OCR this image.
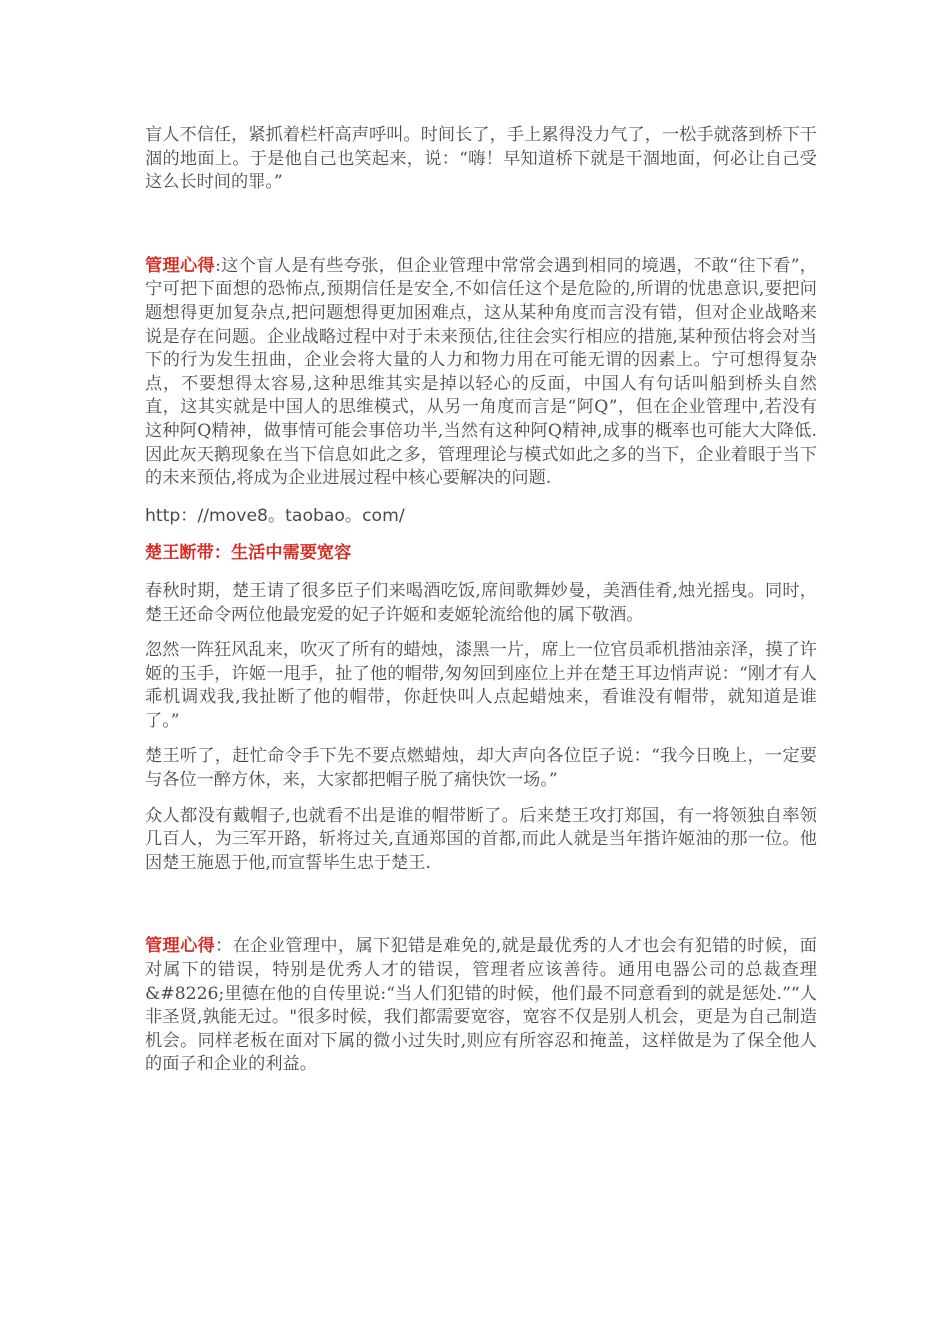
盲人不信任，紧抓着栏杆高声呼叫。时间长了，手上累得没力气了，一松手就落到桥下干涸的地面上。于是他自己也笑起来，说：“嗨！早知道桥下就是干涸地面，何必让自己受这么长时间的罪。”

管理心得:这个盲人是有些夸张，但企业管理中常常会遇到相同的境遇，不敢“往下看”， 宁可把下面想的恐怖点,预期信任是安全,不如信任这个是危险的,所谓的忧患意识,要把问题想得更加复杂点,把问题想得更加困难点，这从某种角度而言没有错，但对企业战略来说是存在问题。企业战略过程中对于未来预估,往往会实行相应的措施,某种预估将会对当下的行为发生扭曲，企业会将大量的人力和物力用在可能无谓的因素上。宁可想得复杂点，不要想得太容易,这种思维其实是掉以轻心的反面，中国人有句话叫船到桥头自然直，这其实就是中国人的思维模式，从另一角度而言是“阿Q”，但在企业管理中,若没有这种阿Q精神，做事情可能会事倍功半,当然有这种阿Q精神,成事的概率也可能大大降低.因此灰天鹅现象在当下信息如此之多，管理理论与模式如此之多的当下，企业着眼于当下的未来预估,将成为企业进展过程中核心要解决的问题.

http：//move8。taobao。com/

楚王断带：生活中需要宽容

春秋时期，楚王请了很多臣子们来喝酒吃饭,席间歌舞妙曼，美酒佳肴,烛光摇曳。同时，楚王还命令两位他最宠爱的妃子许姬和麦姬轮流给他的属下敬酒。

忽然一阵狂风乱来，吹灭了所有的蜡烛，漆黑一片，席上一位官员乖机揩油亲泽，摸了许姬的玉手，许姬一甩手，扯了他的帽带,匆匆回到座位上并在楚王耳边悄声说：“刚才有人乖机调戏我,我扯断了他的帽带，你赶快叫人点起蜡烛来，看谁没有帽带，就知道是谁了。”

楚王听了，赶忙命令手下先不要点燃蜡烛，却大声向各位臣子说：“我今日晚上，一定要与各位一醉方休，来，大家都把帽子脱了痛快饮一场。”

众人都没有戴帽子,也就看不出是谁的帽带断了。后来楚王攻打郑国，有一将领独自率领几百人，为三军开路，斩将过关,直通郑国的首都,而此人就是当年揩许姬油的那一位。他因楚王施恩于他,而宣誓毕生忠于楚王.

管理心得：在企业管理中，属下犯错是难免的,就是最优秀的人才也会有犯错的时候，面对属下的错误，特别是优秀人才的错误，管理者应该善待。通用电器公司的总裁查理&#8226;里德在他的自传里说:“当人们犯错的时候，他们最不同意看到的就是惩处.”“人非圣贤,孰能无过。"很多时候，我们都需要宽容，宽容不仅是别人机会，更是为自己制造机会。同样老板在面对下属的微小过失时,则应有所容忍和掩盖，这样做是为了保全他人的面子和企业的利益。
